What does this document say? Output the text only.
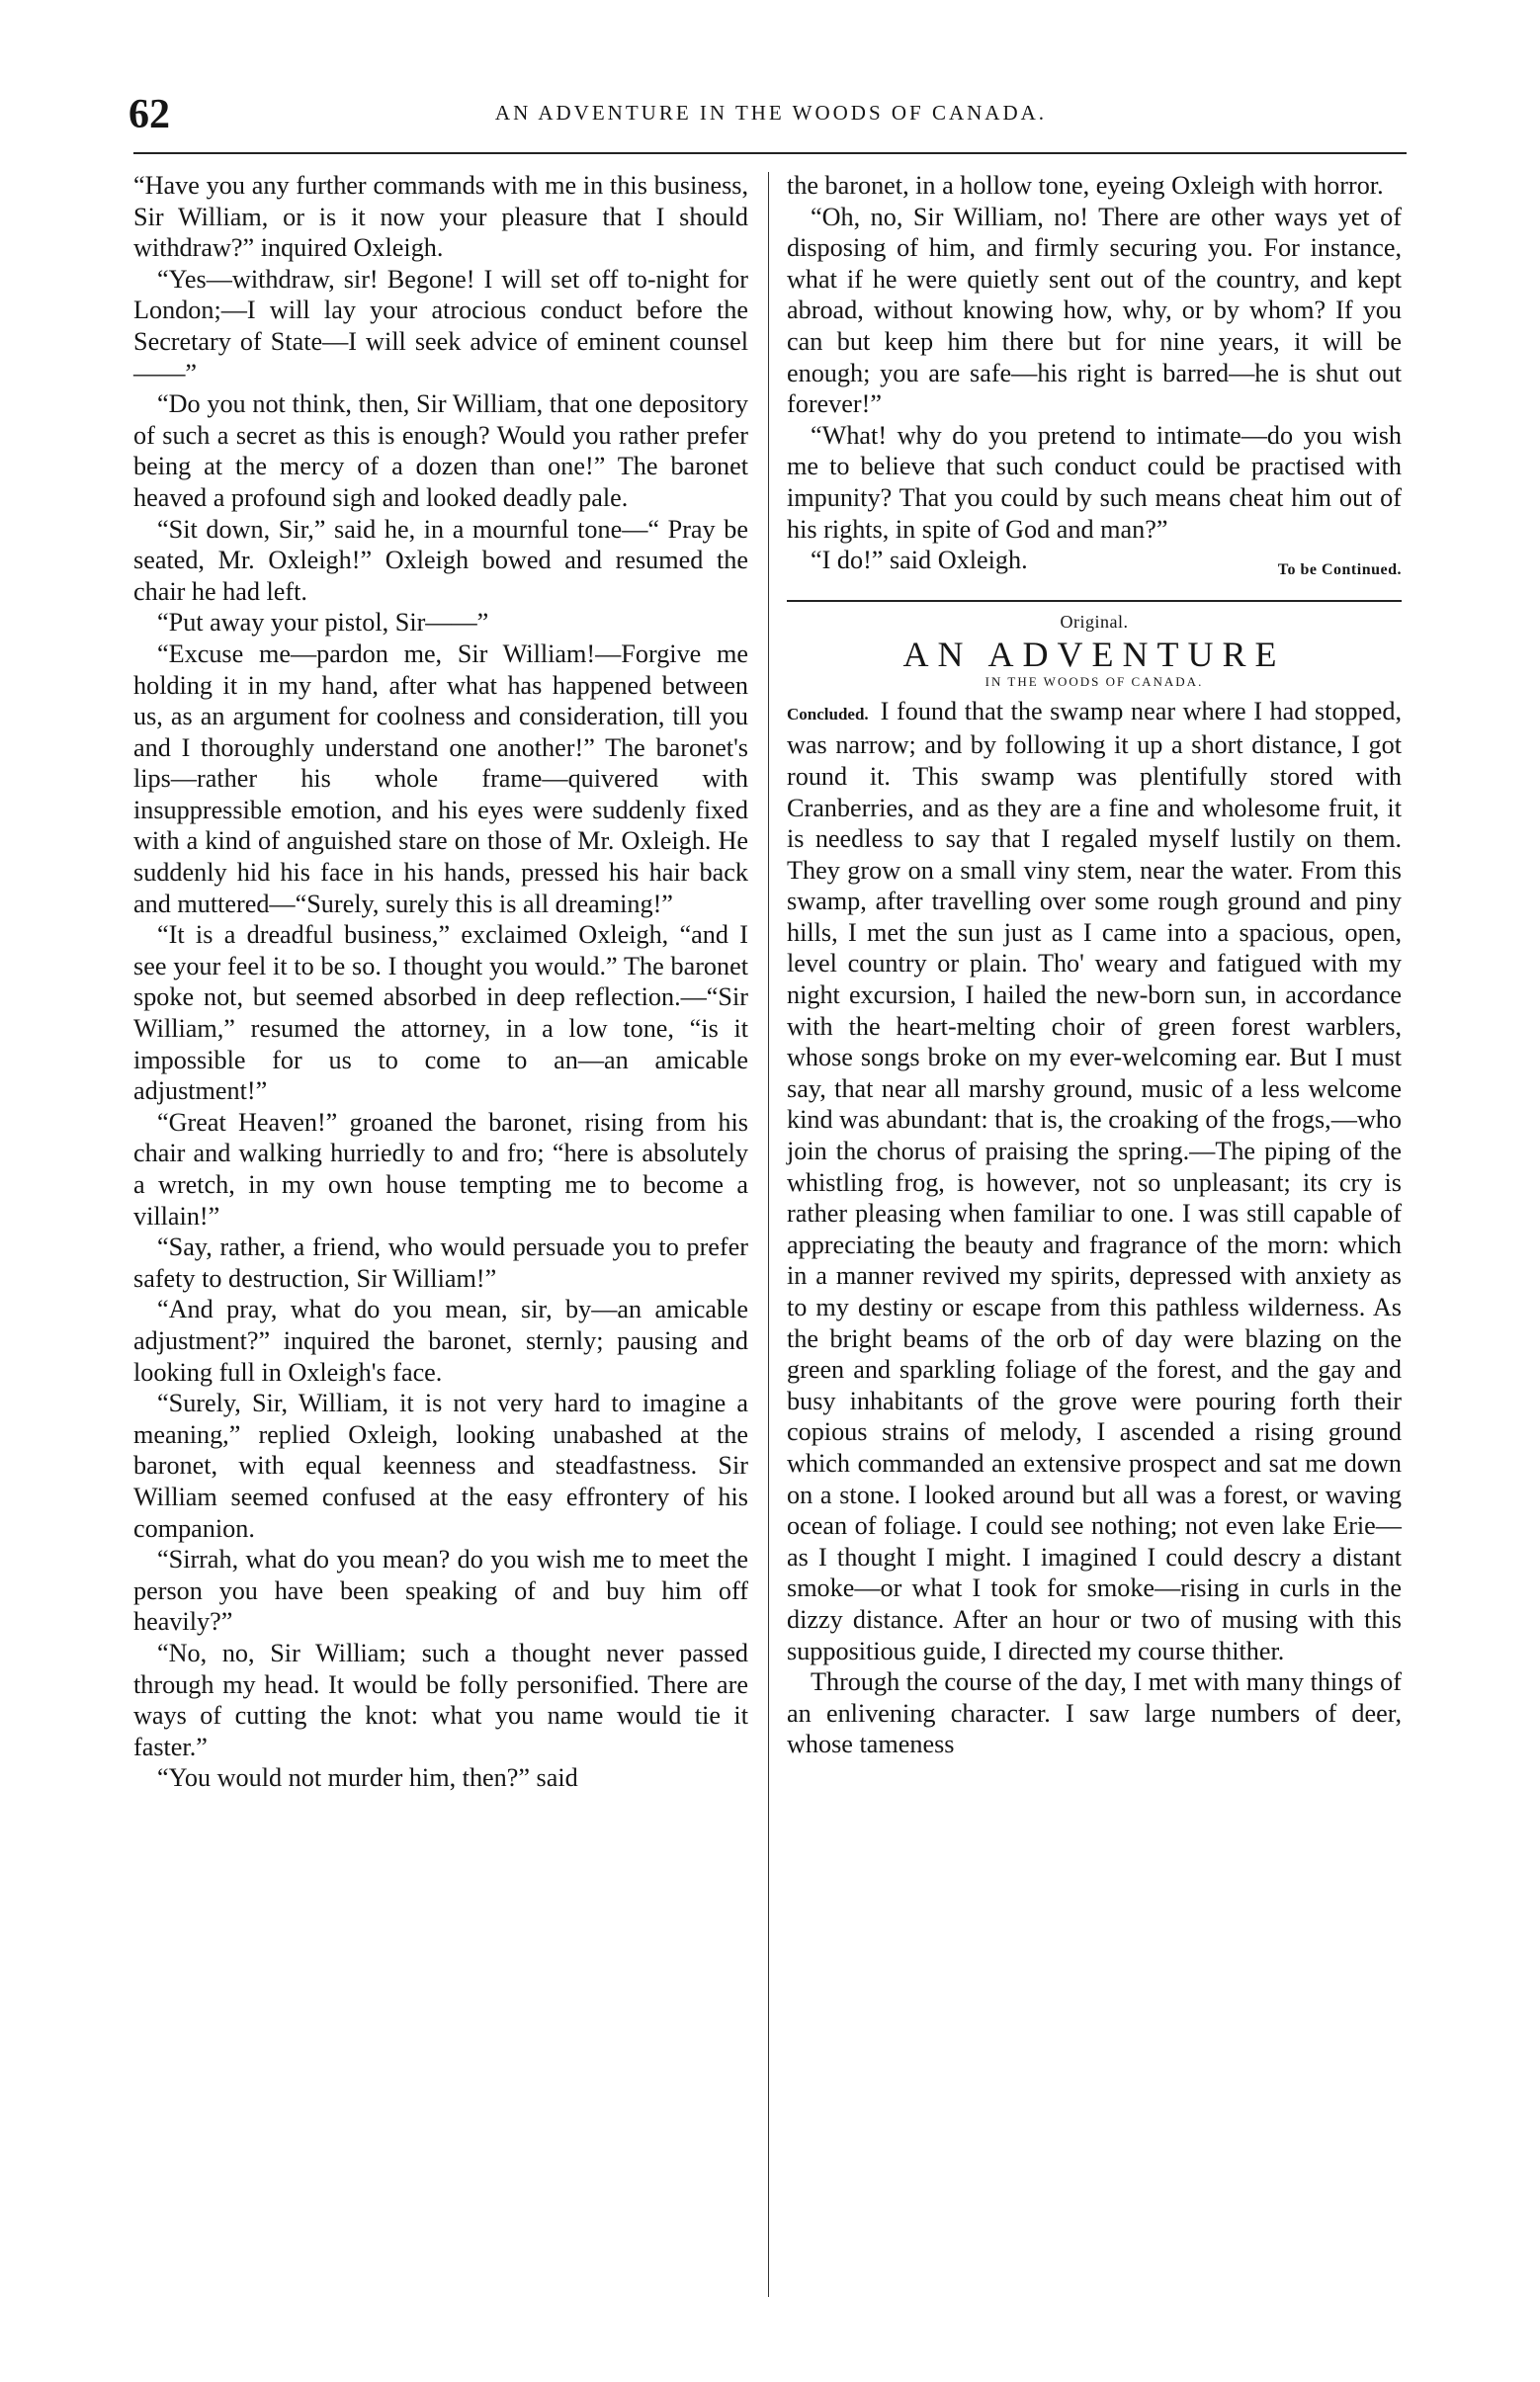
62	AN ADVENTURE IN THE WOODS OF CANADA.

“Have you any further commands with me in this business, Sir William, or is it now your pleasure that I should withdraw?” inquired Oxleigh.

“Yes—withdraw, sir! Begone! I will set off to-night for London;—I will lay your atrocious conduct before the Secretary of State—I will seek advice of eminent counsel——”

“Do you not think, then, Sir William, that one depository of such a secret as this is enough? Would you rather prefer being at the mercy of a dozen than one!” The baronet heaved a profound sigh and looked deadly pale.

“Sit down, Sir,” said he, in a mournful tone—“ Pray be seated, Mr. Oxleigh!” Oxleigh bowed and resumed the chair he had left.

“Put away your pistol, Sir——”

“Excuse me—pardon me, Sir William!—Forgive me holding it in my hand, after what has happened between us, as an argument for coolness and consideration, till you and I thoroughly understand one another!” The baronet's lips—rather his whole frame—quivered with insuppressible emotion, and his eyes were suddenly fixed with a kind of anguished stare on those of Mr. Oxleigh. He suddenly hid his face in his hands, pressed his hair back and muttered—“Surely, surely this is all dreaming!”

“It is a dreadful business,” exclaimed Oxleigh, “and I see your feel it to be so. I thought you would.” The baronet spoke not, but seemed absorbed in deep reflection.—“Sir William,” resumed the attorney, in a low tone, “is it impossible for us to come to an—an amicable adjustment!”

“Great Heaven!” groaned the baronet, rising from his chair and walking hurriedly to and fro; “here is absolutely a wretch, in my own house tempting me to become a villain!”

“Say, rather, a friend, who would persuade you to prefer safety to destruction, Sir William!”

“And pray, what do you mean, sir, by—an amicable adjustment?” inquired the baronet, sternly; pausing and looking full in Oxleigh's face.

“Surely, Sir, William, it is not very hard to imagine a meaning,” replied Oxleigh, looking unabashed at the baronet, with equal keenness and steadfastness. Sir William seemed confused at the easy effrontery of his companion.

“Sirrah, what do you mean? do you wish me to meet the person you have been speaking of and buy him off heavily?”

“No, no, Sir William; such a thought never passed through my head. It would be folly personified. There are ways of cutting the knot: what you name would tie it faster.”

“You would not murder him, then?” said

the baronet, in a hollow tone, eyeing Oxleigh with horror.

“Oh, no, Sir William, no! There are other ways yet of disposing of him, and firmly securing you. For instance, what if he were quietly sent out of the country, and kept abroad, without knowing how, why, or by whom? If you can but keep him there but for nine years, it will be enough; you are safe—his right is barred—he is shut out forever!”

“What! why do you pretend to intimate—do you wish me to believe that such conduct could be practised with impunity? That you could by such means cheat him out of his rights, in spite of God and man?”

“I do!” said Oxleigh.	To be Continued.

Original.
AN ADVENTURE
IN THE WOODS OF CANADA.

Concluded. I found that the swamp near where I had stopped, was narrow; and by following it up a short distance, I got round it. This swamp was plentifully stored with Cranberries, and as they are a fine and wholesome fruit, it is needless to say that I regaled myself lustily on them. They grow on a small viny stem, near the water. From this swamp, after travelling over some rough ground and piny hills, I met the sun just as I came into a spacious, open, level country or plain. Tho' weary and fatigued with my night excursion, I hailed the new-born sun, in accordance with the heart-melting choir of green forest warblers, whose songs broke on my ever-welcoming ear. But I must say, that near all marshy ground, music of a less welcome kind was abundant: that is, the croaking of the frogs,—who join the chorus of praising the spring.—The piping of the whistling frog, is however, not so unpleasant; its cry is rather pleasing when familiar to one. I was still capable of appreciating the beauty and fragrance of the morn: which in a manner revived my spirits, depressed with anxiety as to my destiny or escape from this pathless wilderness. As the bright beams of the orb of day were blazing on the green and sparkling foliage of the forest, and the gay and busy inhabitants of the grove were pouring forth their copious strains of melody, I ascended a rising ground which commanded an extensive prospect and sat me down on a stone. I looked around but all was a forest, or waving ocean of foliage. I could see nothing; not even lake Erie—as I thought I might. I imagined I could descry a distant smoke—or what I took for smoke—rising in curls in the dizzy distance. After an hour or two of musing with this suppositious guide, I directed my course thither.

Through the course of the day, I met with many things of an enlivening character. I saw large numbers of deer, whose tameness
